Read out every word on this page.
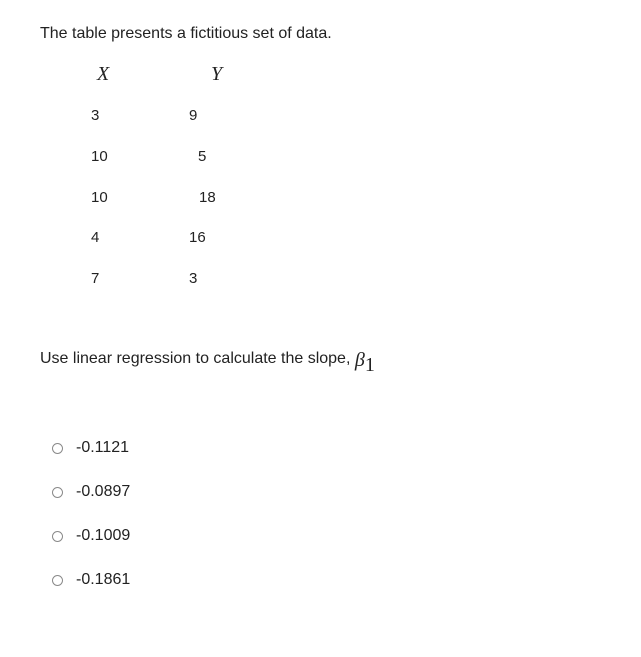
The table presents a fictitious set of data.
X	Y
3	9
10	5
10	18
4	16
7	3
Use linear regression to calculate the slope, $\beta_1$
-0.1121
-0.0897
-0.1009
-0.1861
